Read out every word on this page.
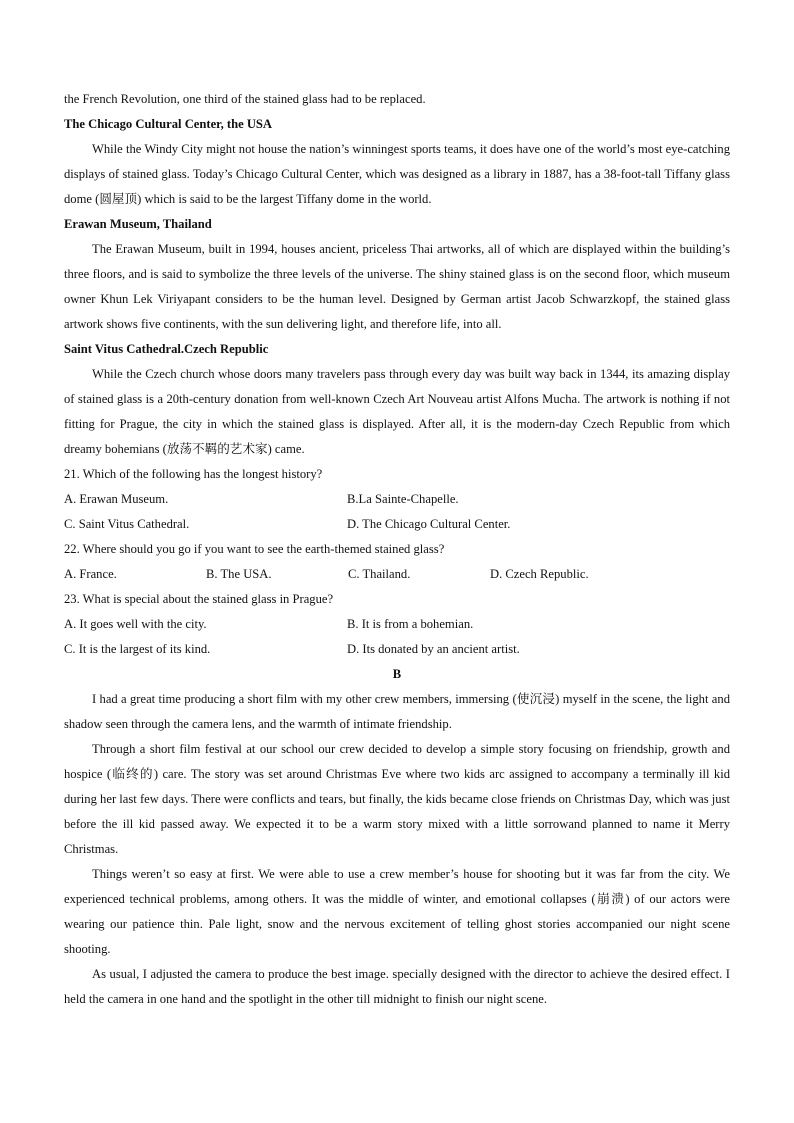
the French Revolution, one third of the stained glass had to be replaced.

The Chicago Cultural Center, the USA

While the Windy City might not house the nation’s winningest sports teams, it does have one of the world’s most eye-catching displays of stained glass. Today’s Chicago Cultural Center, which was designed as a library in 1887, has a 38-foot-tall Tiffany glass dome (圆屋顶) which is said to be the largest Tiffany dome in the world.

Erawan Museum, Thailand

The Erawan Museum, built in 1994, houses ancient, priceless Thai artworks, all of which are displayed within the building’s three floors, and is said to symbolize the three levels of the universe. The shiny stained glass is on the second floor, which museum owner Khun Lek Viriyapant considers to be the human level. Designed by German artist Jacob Schwarzkopf, the stained glass artwork shows five continents, with the sun delivering light, and therefore life, into all.

Saint Vitus Cathedral.Czech Republic

While the Czech church whose doors many travelers pass through every day was built way back in 1344, its amazing display of stained glass is a 20th-century donation from well-known Czech Art Nouveau artist Alfons Mucha. The artwork is nothing if not fitting for Prague, the city in which the stained glass is displayed. After all, it is the modern-day Czech Republic from which dreamy bohemians (放荡不羁的艺术家) came.

21. Which of the following has the longest history?

A. Erawan Museum.	B.La Sainte-Chapelle.
C. Saint Vitus Cathedral.	D. The Chicago Cultural Center.

22. Where should you go if you want to see the earth-themed stained glass?

A. France.	B. The USA.	C. Thailand.	D. Czech Republic.

23. What is special about the stained glass in Prague?

A. It goes well with the city.	B. It is from a bohemian.
C. It is the largest of its kind.	D. Its donated by an ancient artist.

B

I had a great time producing a short film with my other crew members, immersing (使沉浸) myself in the scene, the light and shadow seen through the camera lens, and the warmth of intimate friendship.

Through a short film festival at our school our crew decided to develop a simple story focusing on friendship, growth and hospice (临终的) care. The story was set around Christmas Eve where two kids arc assigned to accompany a terminally ill kid during her last few days. There were conflicts and tears, but finally, the kids became close friends on Christmas Day, which was just before the ill kid passed away. We expected it to be a warm story mixed with a little sorrowand planned to name it Merry Christmas.

Things weren’t so easy at first. We were able to use a crew member’s house for shooting but it was far from the city. We experienced technical problems, among others. It was the middle of winter, and emotional collapses (崩溃) of our actors were wearing our patience thin. Pale light, snow and the nervous excitement of telling ghost stories accompanied our night scene shooting.

As usual, I adjusted the camera to produce the best image. specially designed with the director to achieve the desired effect. I held the camera in one hand and the spotlight in the other till midnight to finish our night scene.
